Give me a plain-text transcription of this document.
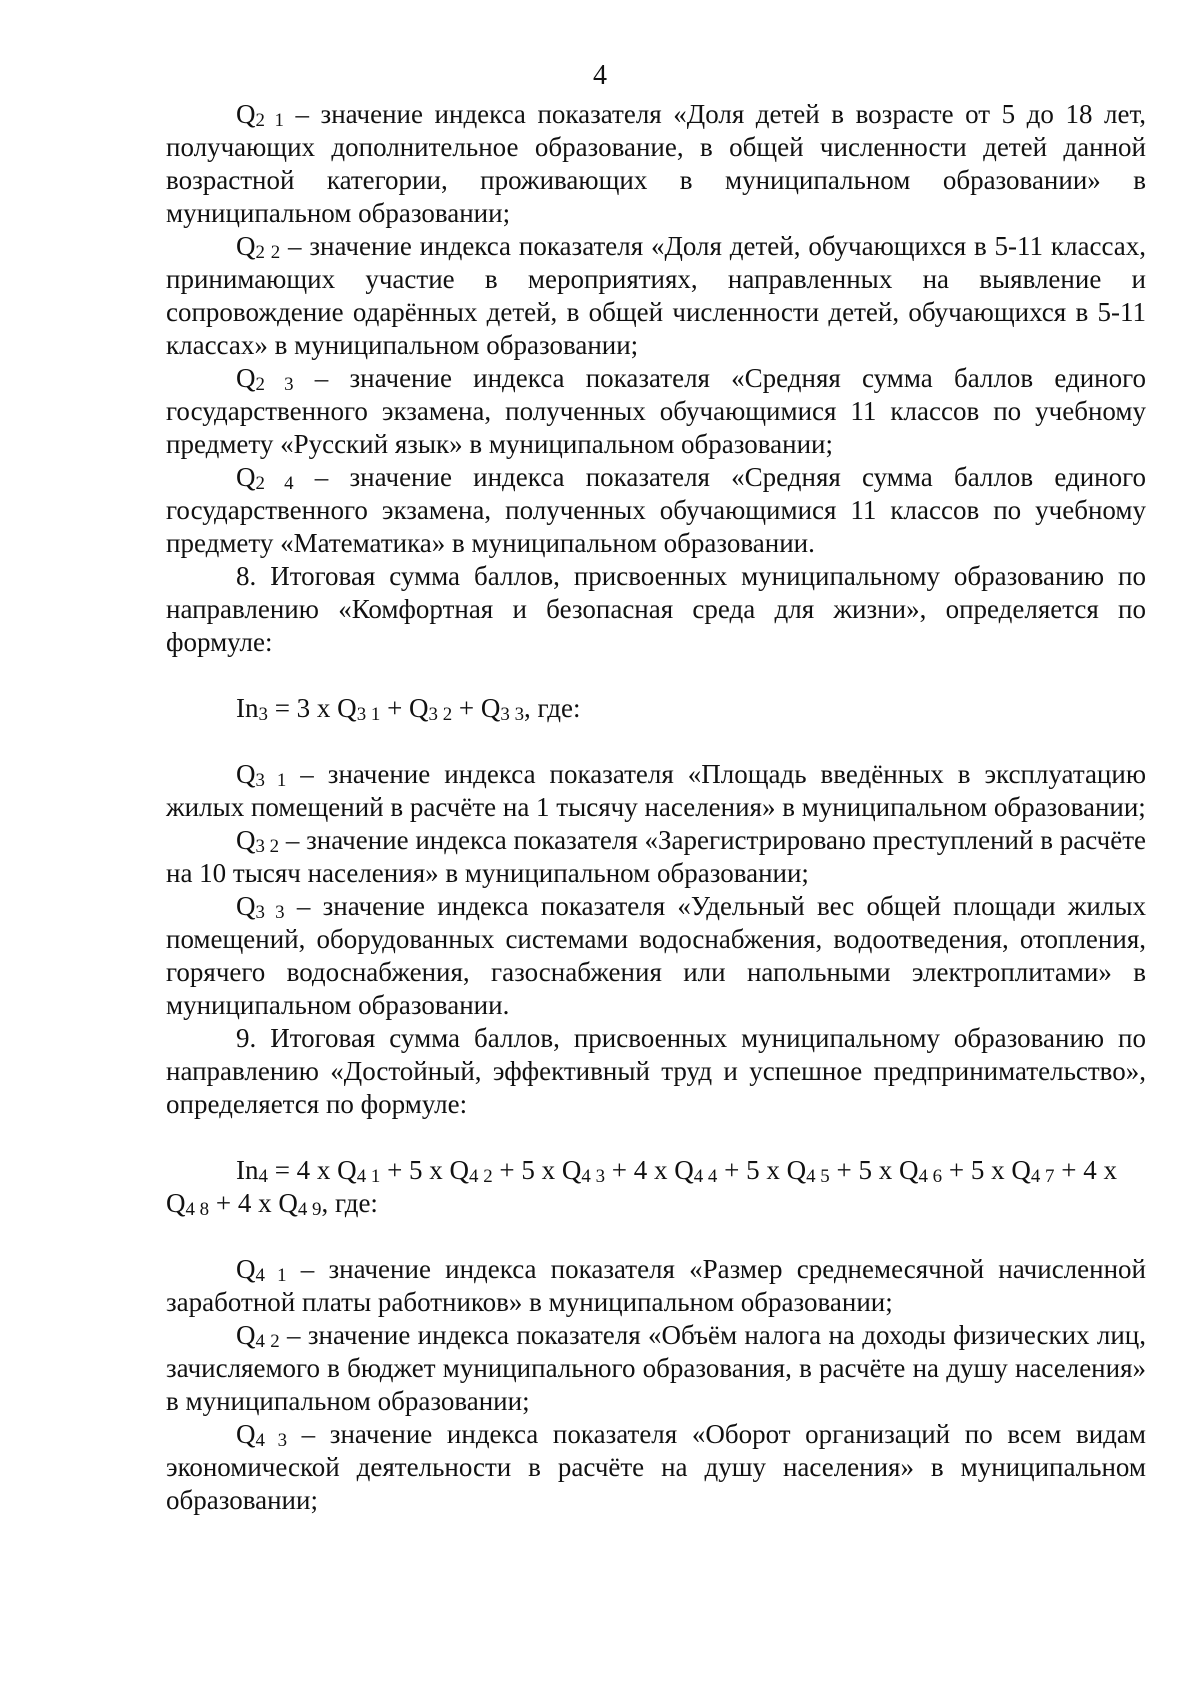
4

$Q_{2 1}$ – значение индекса показателя «Доля детей в возрасте от 5 до 18 лет, получающих дополнительное образование, в общей численности детей данной возрастной категории, проживающих в муниципальном образовании» в муниципальном образовании;

$Q_{2 2}$ – значение индекса показателя «Доля детей, обучающихся в 5-11 классах, принимающих участие в мероприятиях, направленных на выявление и сопровождение одарённых детей, в общей численности детей, обучающихся в 5-11 классах» в муниципальном образовании;

$Q_{2 3}$ – значение индекса показателя «Средняя сумма баллов единого государственного экзамена, полученных обучающимися 11 классов по учебному предмету «Русский язык» в муниципальном образовании;

$Q_{2 4}$ – значение индекса показателя «Средняя сумма баллов единого государственного экзамена, полученных обучающимися 11 классов по учебному предмету «Математика» в муниципальном образовании.

8. Итоговая сумма баллов, присвоенных муниципальному образованию по направлению «Комфортная и безопасная среда для жизни», определяется по формуле:

$In_3 = 3$ x $Q_{3 1} + Q_{3 2} + Q_{3 3}$, где:

$Q_{3 1}$ – значение индекса показателя «Площадь введённых в эксплуатацию жилых помещений в расчёте на 1 тысячу населения» в муниципальном образовании;

$Q_{3 2}$ – значение индекса показателя «Зарегистрировано преступлений в расчёте на 10 тысяч населения» в муниципальном образовании;

$Q_{3 3}$ – значение индекса показателя «Удельный вес общей площади жилых помещений, оборудованных системами водоснабжения, водоотведения, отопления, горячего водоснабжения, газоснабжения или напольными электроплитами» в муниципальном образовании.

9. Итоговая сумма баллов, присвоенных муниципальному образованию по направлению «Достойный, эффективный труд и успешное предпринимательство», определяется по формуле:

$In_4 = 4$ x $Q_{4 1} + 5$ x $Q_{4 2} + 5$ x $Q_{4 3} + 4$ x $Q_{4 4} + 5$ x $Q_{4 5} + 5$ x $Q_{4 6} + 5$ x $Q_{4 7} + 4$ x $Q_{4 8} + 4$ x $Q_{4 9}$, где:

$Q_{4 1}$ – значение индекса показателя «Размер среднемесячной начисленной заработной платы работников» в муниципальном образовании;

$Q_{4 2}$ – значение индекса показателя «Объём налога на доходы физических лиц, зачисляемого в бюджет муниципального образования, в расчёте на душу населения» в муниципальном образовании;

$Q_{4 3}$ – значение индекса показателя «Оборот организаций по всем видам экономической деятельности в расчёте на душу населения» в муниципальном образовании;
